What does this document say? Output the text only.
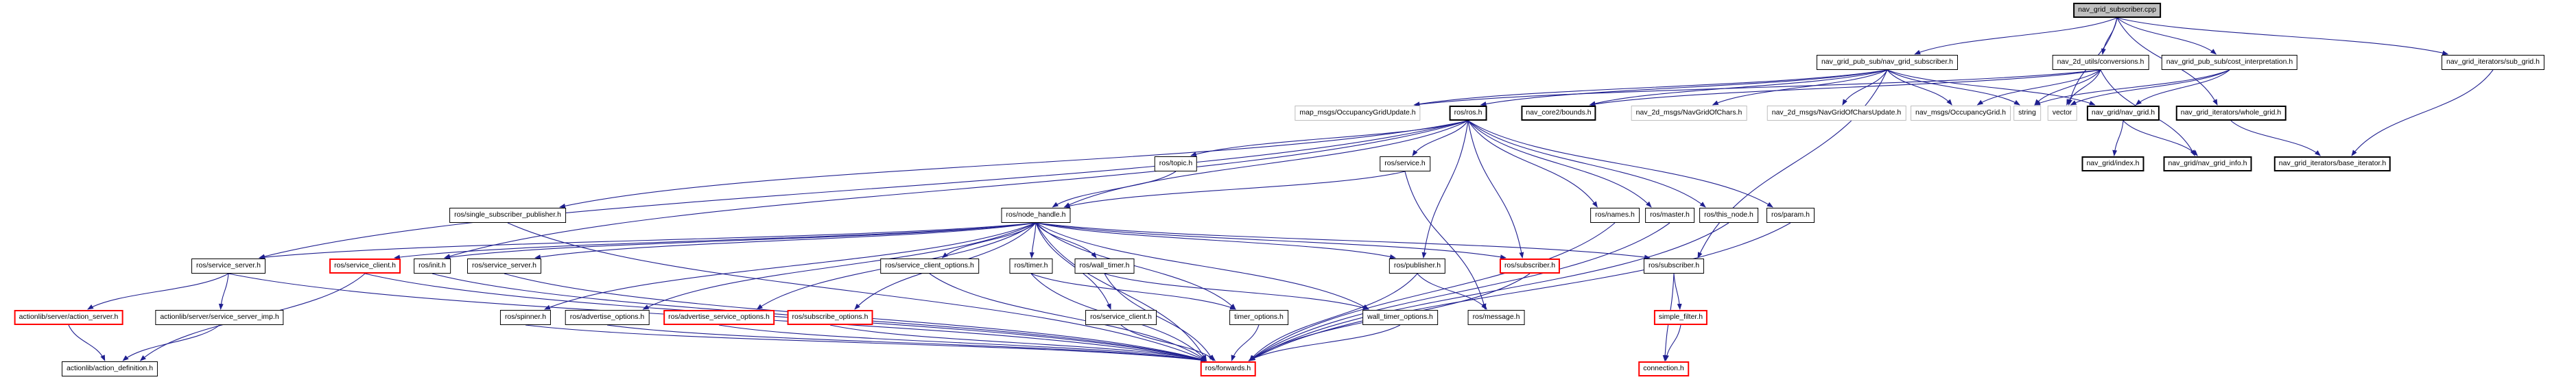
nav_grid_subscriber.cpp
nav_grid_pub_sub/nav_grid_subscriber.h	nav_2d_utils/conversions.h	nav_grid_pub_sub/cost_interpretation.h	nav_grid_iterators/sub_grid.h
map_msgs/OccupancyGridUpdate.h	ros/ros.h	nav_core2/bounds.h	nav_2d_msgs/NavGridOfChars.h	nav_2d_msgs/NavGridOfCharsUpdate.h	nav_msgs/OccupancyGrid.h	string	vector	nav_grid/nav_grid.h	nav_grid_iterators/whole_grid.h
ros/topic.h	ros/service.h	nav_grid/index.h	nav_grid/nav_grid_info.h	nav_grid_iterators/base_iterator.h
ros/single_subscriber_publisher.h	ros/node_handle.h	ros/names.h	ros/master.h	ros/this_node.h	ros/param.h
ros/service_server.h	ros/service_client.h	ros/init.h	ros/service_server.h	ros/service_client_options.h	ros/timer.h	ros/wall_timer.h	ros/publisher.h	ros/subscriber.h	ros/subscriber.h
actionlib/server/action_server.h	actionlib/server/service_server_imp.h	ros/spinner.h	ros/advertise_options.h	ros/advertise_service_options.h	ros/subscribe_options.h	ros/service_client.h	timer_options.h	wall_timer_options.h	ros/message.h	simple_filter.h
actionlib/action_definition.h	ros/forwards.h	connection.h
